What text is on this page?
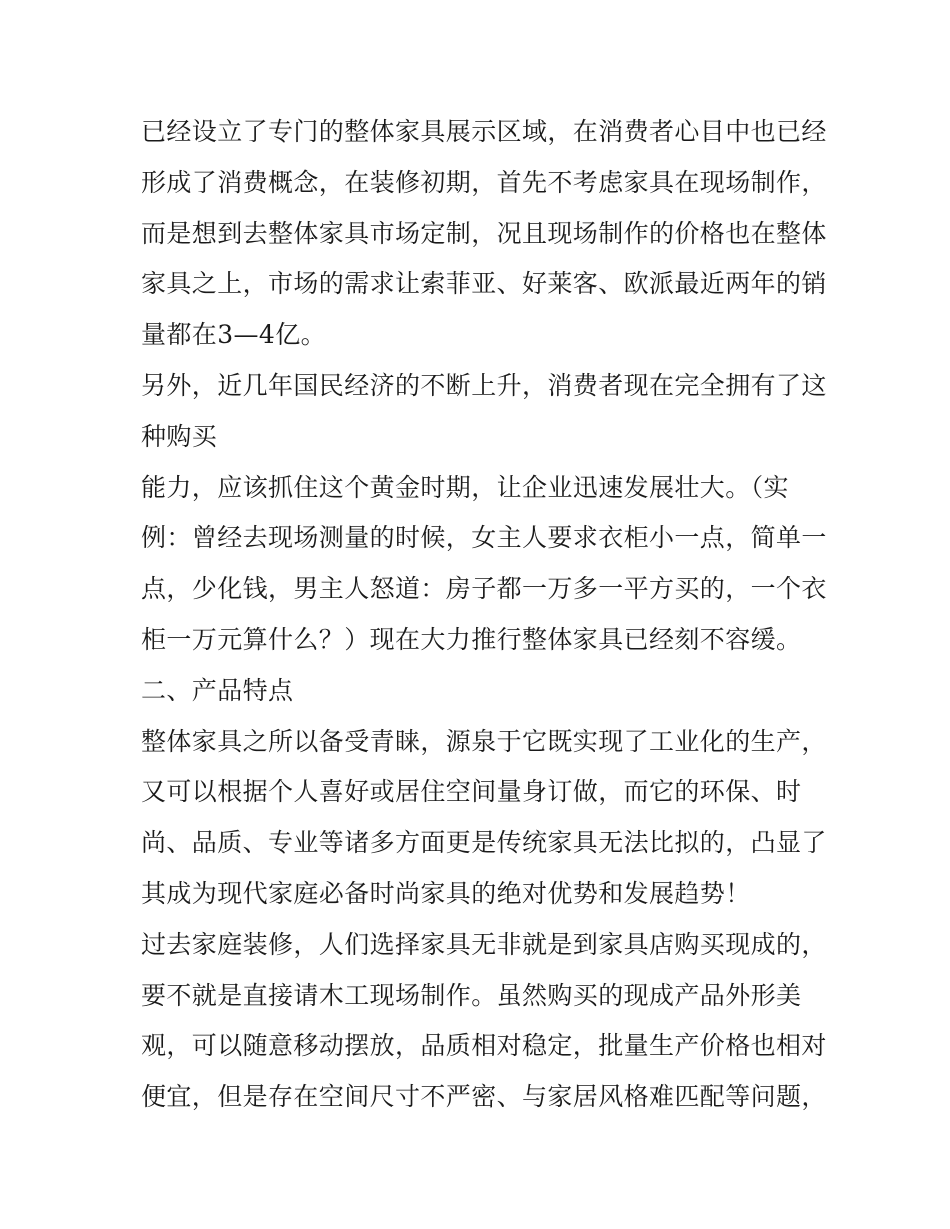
已经设立了专门的整体家具展示区域，在消费者心目中也已经
形成了消费概念，在装修初期，首先不考虑家具在现场制作，
而是想到去整体家具市场定制，况且现场制作的价格也在整体
家具之上，市场的需求让索菲亚、好莱客、欧派最近两年的销
量都在3—4亿。
另外，近几年国民经济的不断上升，消费者现在完全拥有了这
种购买
能力，应该抓住这个黄金时期，让企业迅速发展壮大。（实
例：曾经去现场测量的时候，女主人要求衣柜小一点，简单一
点，少化钱，男主人怒道：房子都一万多一平方买的，一个衣
柜一万元算什么？）现在大力推行整体家具已经刻不容缓。
二、产品特点
整体家具之所以备受青睐，源泉于它既实现了工业化的生产，
又可以根据个人喜好或居住空间量身订做，而它的环保、时
尚、品质、专业等诸多方面更是传统家具无法比拟的，凸显了
其成为现代家庭必备时尚家具的绝对优势和发展趋势！
过去家庭装修，人们选择家具无非就是到家具店购买现成的，
要不就是直接请木工现场制作。虽然购买的现成产品外形美
观，可以随意移动摆放，品质相对稳定，批量生产价格也相对
便宜，但是存在空间尺寸不严密、与家居风格难匹配等问题，
